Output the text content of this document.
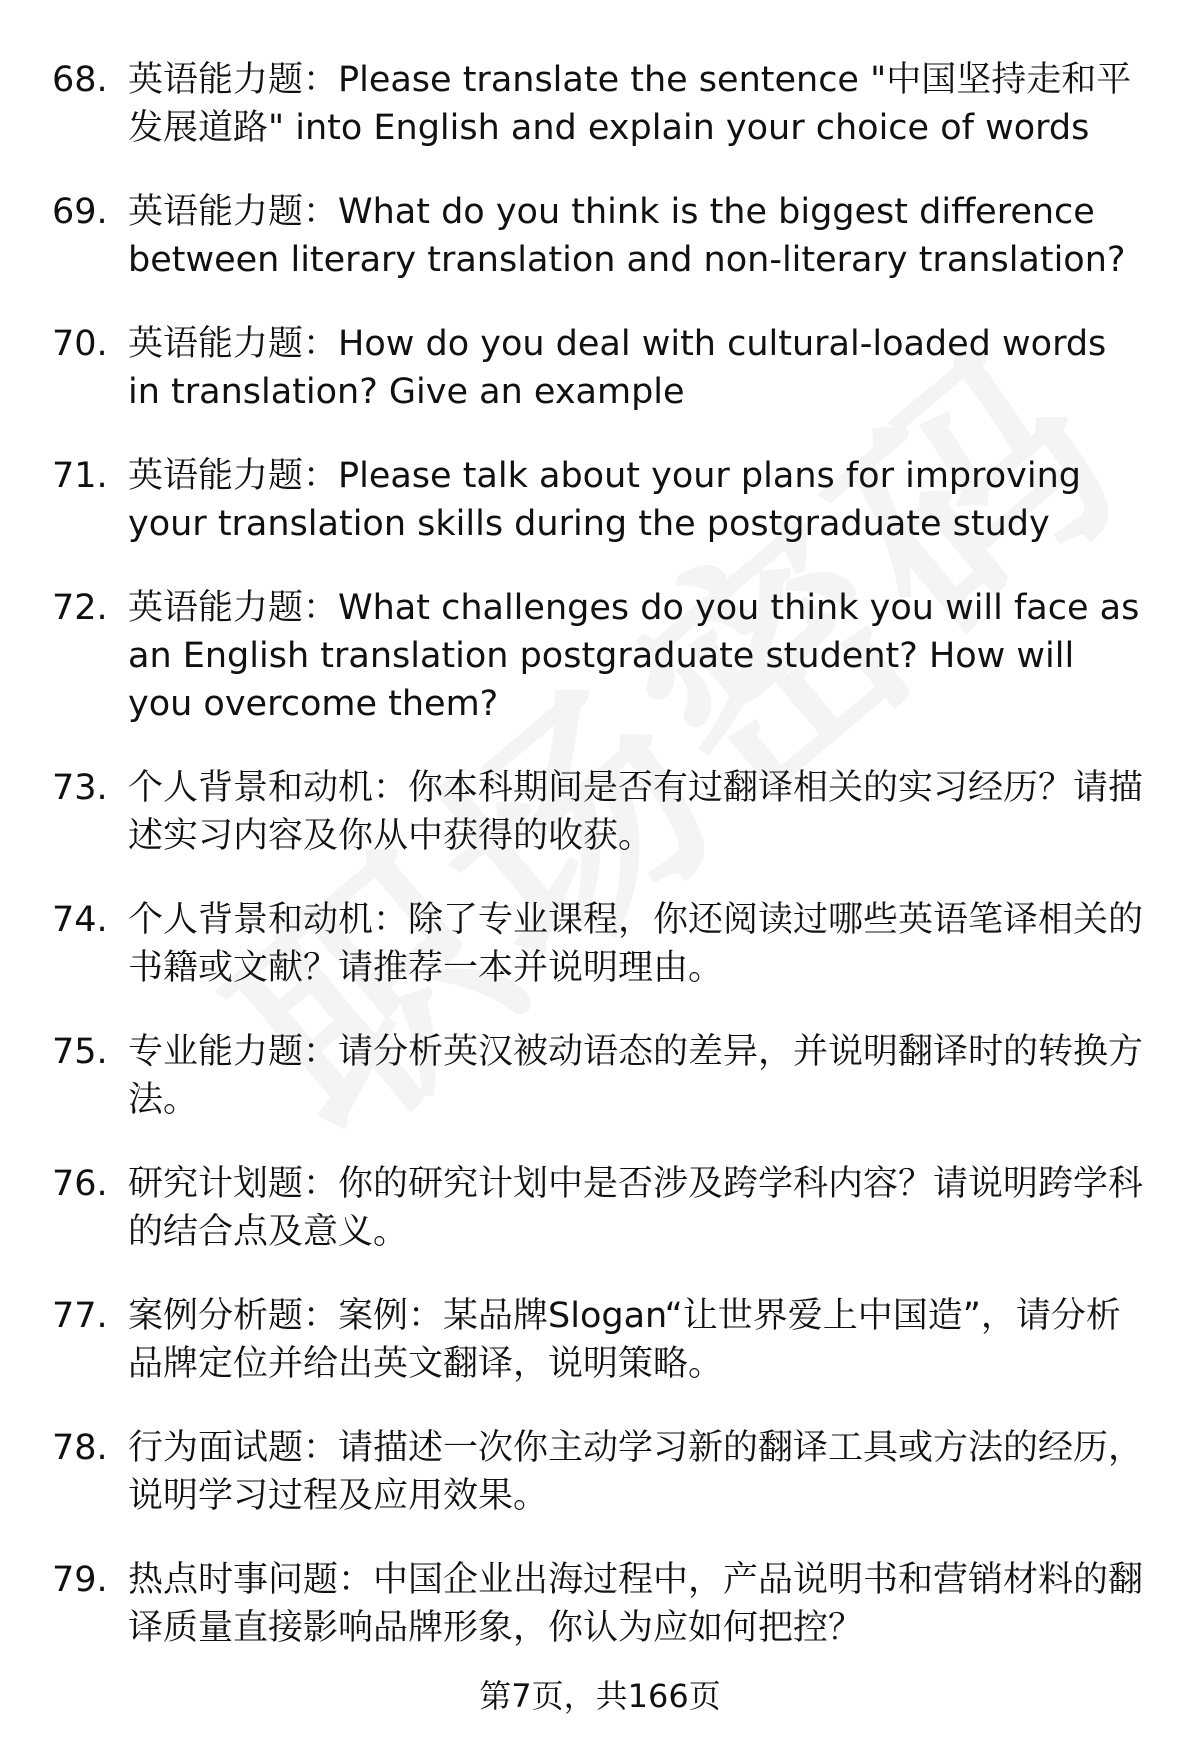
68. 英语能力题：Please translate the sentence "中国坚持走和平发展道路" into English and explain your choice of words
69. 英语能力题：What do you think is the biggest difference between literary translation and non-literary translation?
70. 英语能力题：How do you deal with cultural-loaded words in translation? Give an example
71. 英语能力题：Please talk about your plans for improving your translation skills during the postgraduate study
72. 英语能力题：What challenges do you think you will face as an English translation postgraduate student? How will you overcome them?
73. 个人背景和动机：你本科期间是否有过翻译相关的实习经历？请描述实习内容及你从中获得的收获。
74. 个人背景和动机：除了专业课程，你还阅读过哪些英语笔译相关的书籍或文献？请推荐一本并说明理由。
75. 专业能力题：请分析英汉被动语态的差异，并说明翻译时的转换方法。
76. 研究计划题：你的研究计划中是否涉及跨学科内容？请说明跨学科的结合点及意义。
77. 案例分析题：案例：某品牌Slogan“让世界爱上中国造”，请分析品牌定位并给出英文翻译，说明策略。
78. 行为面试题：请描述一次你主动学习新的翻译工具或方法的经历，说明学习过程及应用效果。
79. 热点时事问题：中国企业出海过程中，产品说明书和营销材料的翻译质量直接影响品牌形象，你认为应如何把控？
第7页，共166页
